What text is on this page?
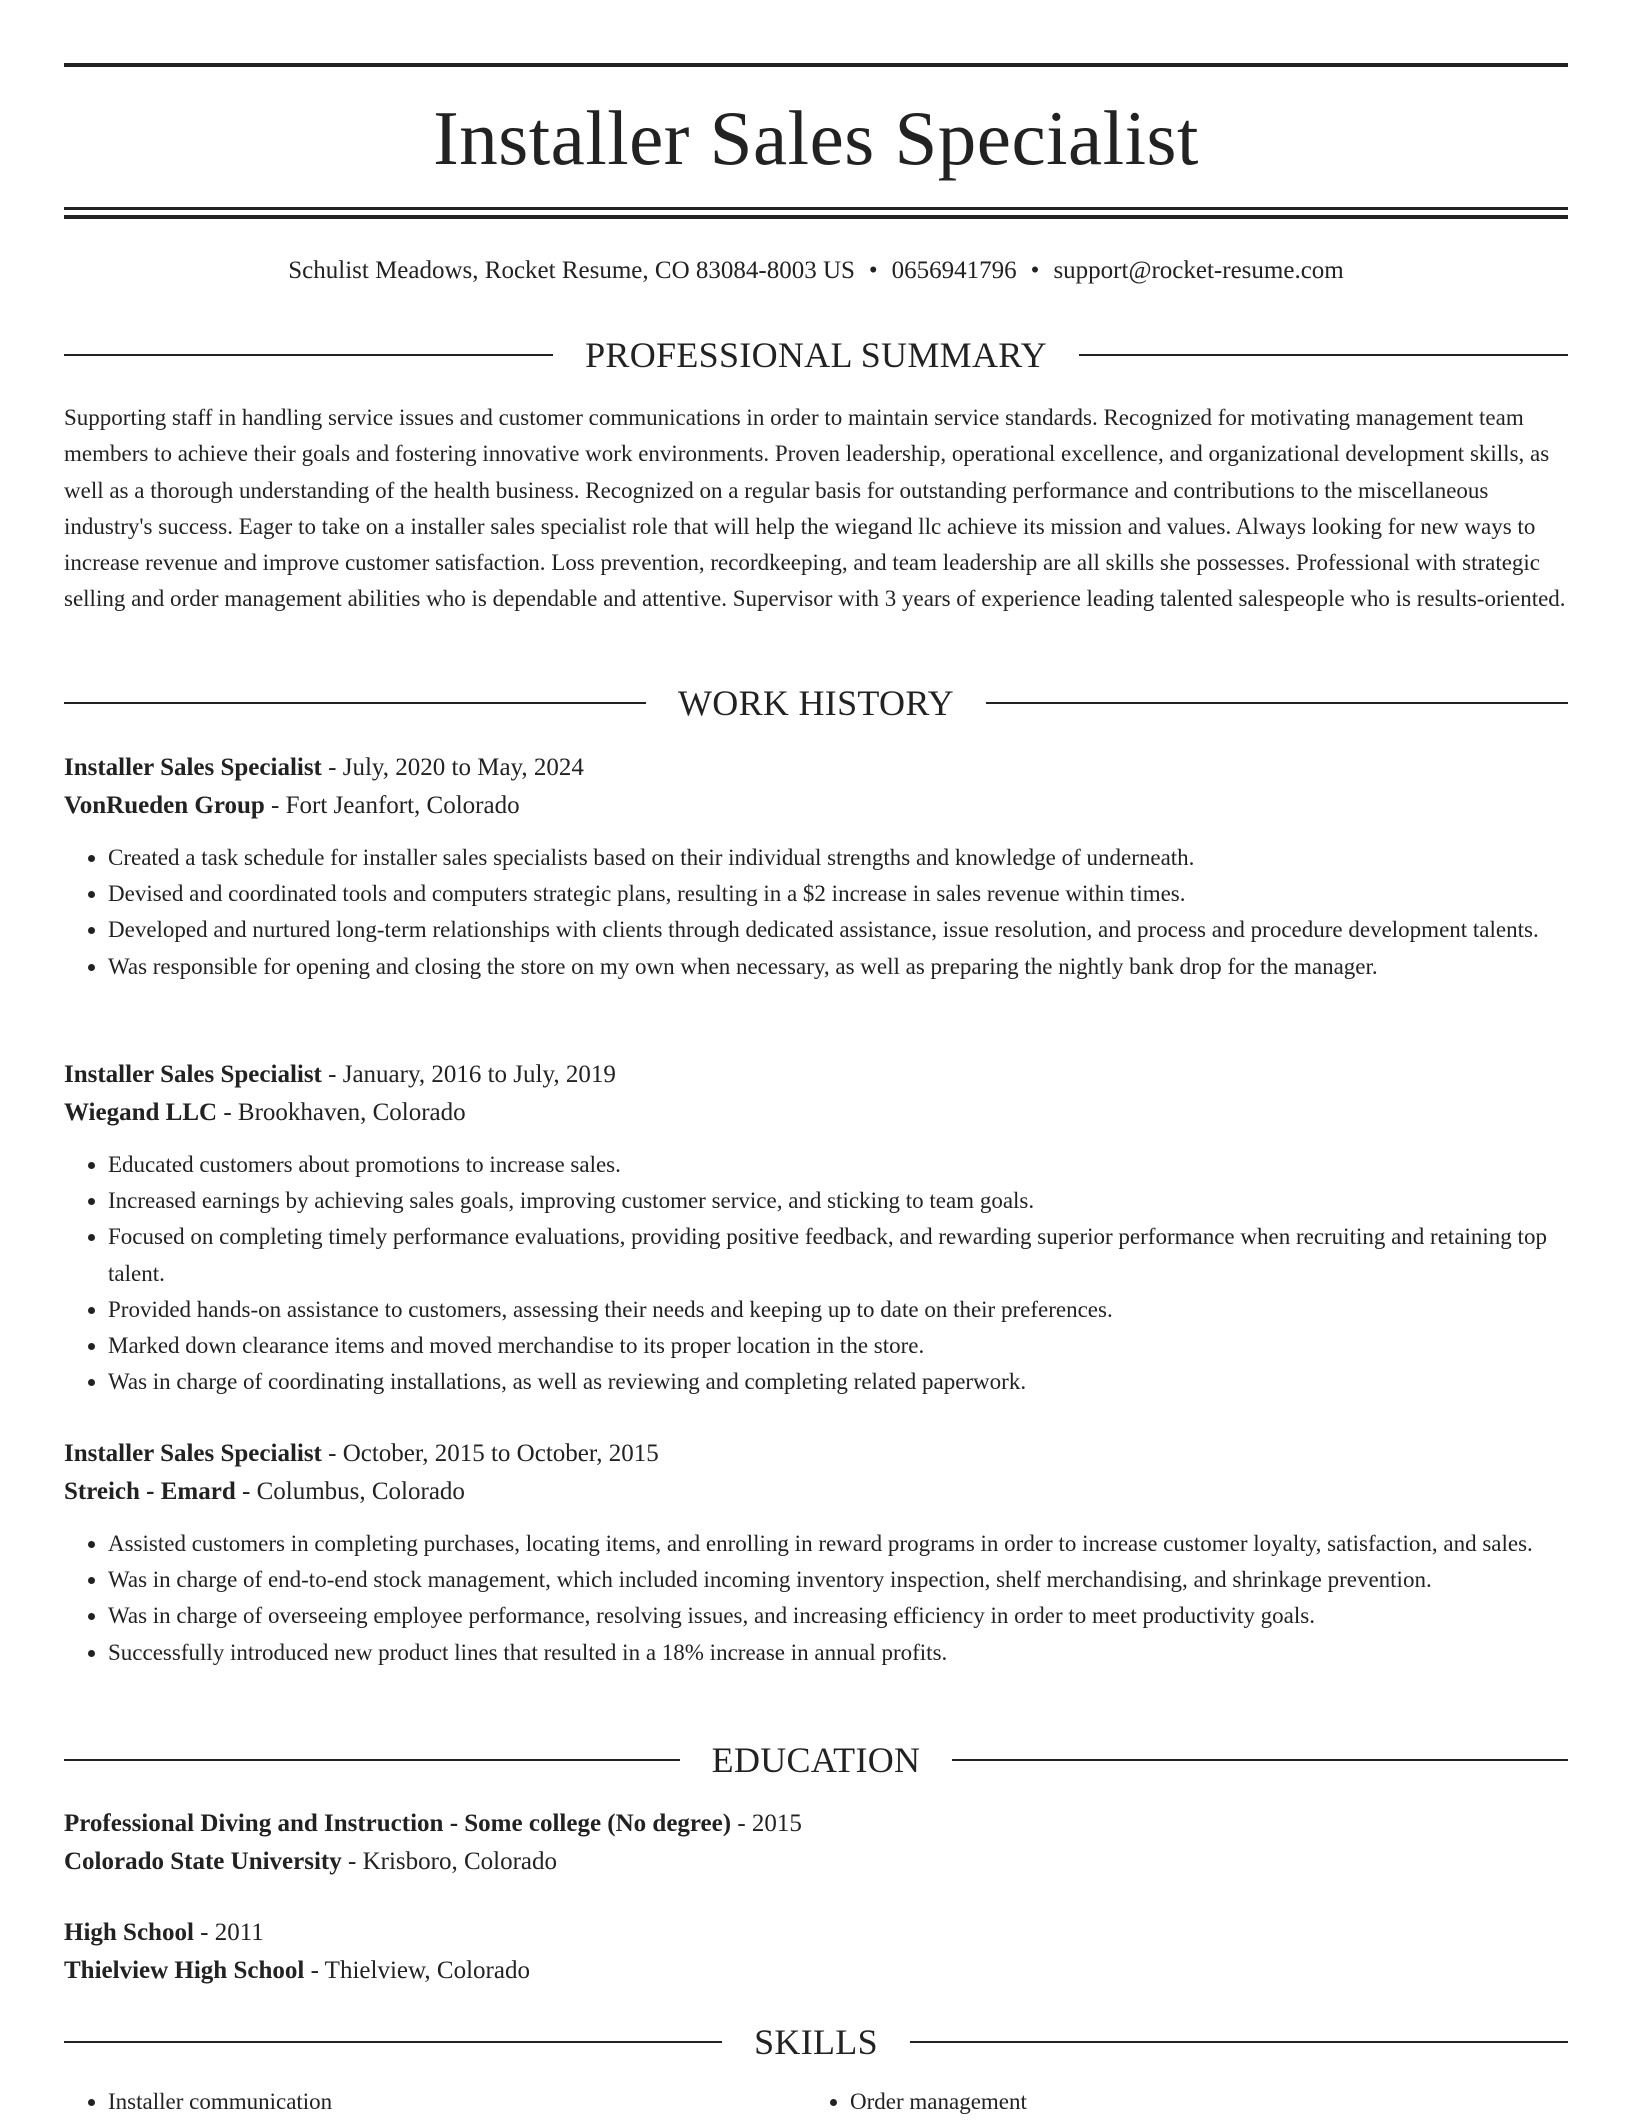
Installer Sales Specialist
Schulist Meadows, Rocket Resume, CO 83084-8003 US • 0656941796 • support@rocket-resume.com
PROFESSIONAL SUMMARY

Supporting staff in handling service issues and customer communications in order to maintain service standards. Recognized for motivating management team members to achieve their goals and fostering innovative work environments. Proven leadership, operational excellence, and organizational development skills, as well as a thorough understanding of the health business. Recognized on a regular basis for outstanding performance and contributions to the miscellaneous industry's success. Eager to take on a installer sales specialist role that will help the wiegand llc achieve its mission and values. Always looking for new ways to increase revenue and improve customer satisfaction. Loss prevention, recordkeeping, and team leadership are all skills she possesses. Professional with strategic selling and order management abilities who is dependable and attentive. Supervisor with 3 years of experience leading talented salespeople who is results-oriented.

WORK HISTORY
Installer Sales Specialist - July, 2020 to May, 2024
VonRueden Group - Fort Jeanfort, Colorado
• Created a task schedule for installer sales specialists based on their individual strengths and knowledge of underneath.
• Devised and coordinated tools and computers strategic plans, resulting in a $2 increase in sales revenue within times.
• Developed and nurtured long-term relationships with clients through dedicated assistance, issue resolution, and process and procedure development talents.
• Was responsible for opening and closing the store on my own when necessary, as well as preparing the nightly bank drop for the manager.
Installer Sales Specialist - January, 2016 to July, 2019
Wiegand LLC - Brookhaven, Colorado
• Educated customers about promotions to increase sales.
• Increased earnings by achieving sales goals, improving customer service, and sticking to team goals.
• Focused on completing timely performance evaluations, providing positive feedback, and rewarding superior performance when recruiting and retaining top talent.
• Provided hands-on assistance to customers, assessing their needs and keeping up to date on their preferences.
• Marked down clearance items and moved merchandise to its proper location in the store.
• Was in charge of coordinating installations, as well as reviewing and completing related paperwork.
Installer Sales Specialist - October, 2015 to October, 2015
Streich - Emard - Columbus, Colorado
• Assisted customers in completing purchases, locating items, and enrolling in reward programs in order to increase customer loyalty, satisfaction, and sales.
• Was in charge of end-to-end stock management, which included incoming inventory inspection, shelf merchandising, and shrinkage prevention.
• Was in charge of overseeing employee performance, resolving issues, and increasing efficiency in order to meet productivity goals.
• Successfully introduced new product lines that resulted in a 18% increase in annual profits.
EDUCATION
Professional Diving and Instruction - Some college (No degree) - 2015
Colorado State University - Krisboro, Colorado
High School - 2011
Thielview High School - Thielview, Colorado
SKILLS
• Installer communication
•	Order management
